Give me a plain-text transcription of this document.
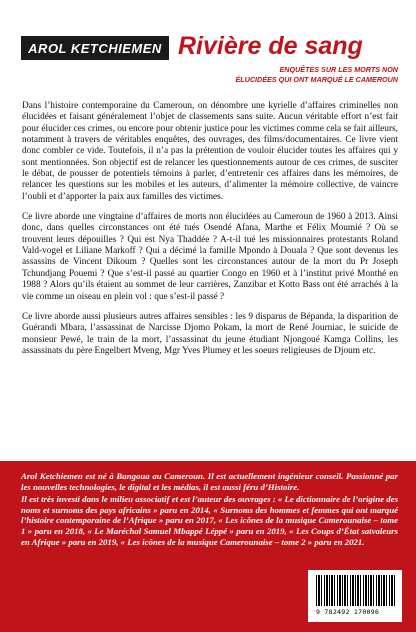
AROL KETCHIEMEN Rivière de sang
ENQUÊTES SUR LES MORTS NON
ÉLUCIDÉES QUI ONT MARQUÉ LE CAMEROUN

Dans l’histoire contemporaine du Cameroun, on dénombre une kyrielle d’affaires criminelles non élucidées et faisant généralement l’objet de classements sans suite. Aucun véritable effort n’est fait pour élucider ces crimes, ou encore pour obtenir justice pour les victimes comme cela se fait ailleurs, notamment à travers de véritables enquêtes, des ouvrages, des films/documentaires. Ce livre vient donc combler ce vide. Toutefois, il n’a pas la prétention de vouloir élucider toutes les affaires qui y sont mentionnées. Son objectif est de relancer les questionnements autour de ces crimes, de susciter le débat, de pousser de potentiels témoins à parler, d’entretenir ces affaires dans les mémoires, de relancer les questions sur les mobiles et les auteurs, d’alimenter la mémoire collective, de vaincre l’oubli et d’apporter la paix aux familles des victimes.

Ce livre aborde une vingtaine d’affaires de morts non élucidées au Cameroun de 1960 à 2013. Ainsi donc, dans quelles circonstances ont été tués Osendé Afana, Marthe et Félix Moumié ? Où se trouvent leurs dépouilles ? Qui est Nya Thaddée ? A-t-il tué les missionnaires protestants Roland Vald-vogel et Liliane Markoff ? Qui a décimé la famille Mpondo à Douala ? Que sont devenus les assassins de Vincent Dikoum ? Quelles sont les circonstances autour de la mort du Pr Joseph Tchundjang Pouemi ? Que s’est-il passé au quartier Congo en 1960 et à l’institut privé Monthé en 1988 ? Alors qu’ils étaient au sommet de leur carrières, Zanzibar et Kotto Bass ont été arrachés à la vie comme un oiseau en plein vol : que s’est-il passé ?

Ce livre aborde aussi plusieurs autres affaires sensibles : les 9 disparus de Bépanda, la disparition de Guérandi Mbara, l’assassinat de Narcisse Djomo Pokam, la mort de René Journiac, le suicide de monsieur Pewé, le train de la mort, l’assassinat du jeune étudiant Njongoué Kamga Collins, les assassinats du père Engelbert Mveng, Mgr Yves Plumey et les soeurs religieuses de Djoum etc.

Arol Ketchiemen est né à Bangoua au Cameroun. Il est actuellement ingénieur conseil. Passionné par les nouvelles technologies, le digital et les médias, il est aussi féru d’Histoire.

Il est très investi dans le milieu associatif et est l’auteur des ouvrages : « Le dictionnaire de l’origine des noms et surnoms des pays africains » paru en 2014, « Surnoms des hommes et femmes qui ont marqué l’histoire contemporaine de l’Afrique » paru en 2017, « Les icônes de la musique Camerounaise – tome 1 » paru en 2018, « Le Maréchal Samuel Mbappé Léppé » paru en 2019, « Les Coups d’État satvaleurs en Afrique » paru en 2019, « Les icônes de la musique Camerounaise – tome 2 » paru en 2021.

9 782492 170096
